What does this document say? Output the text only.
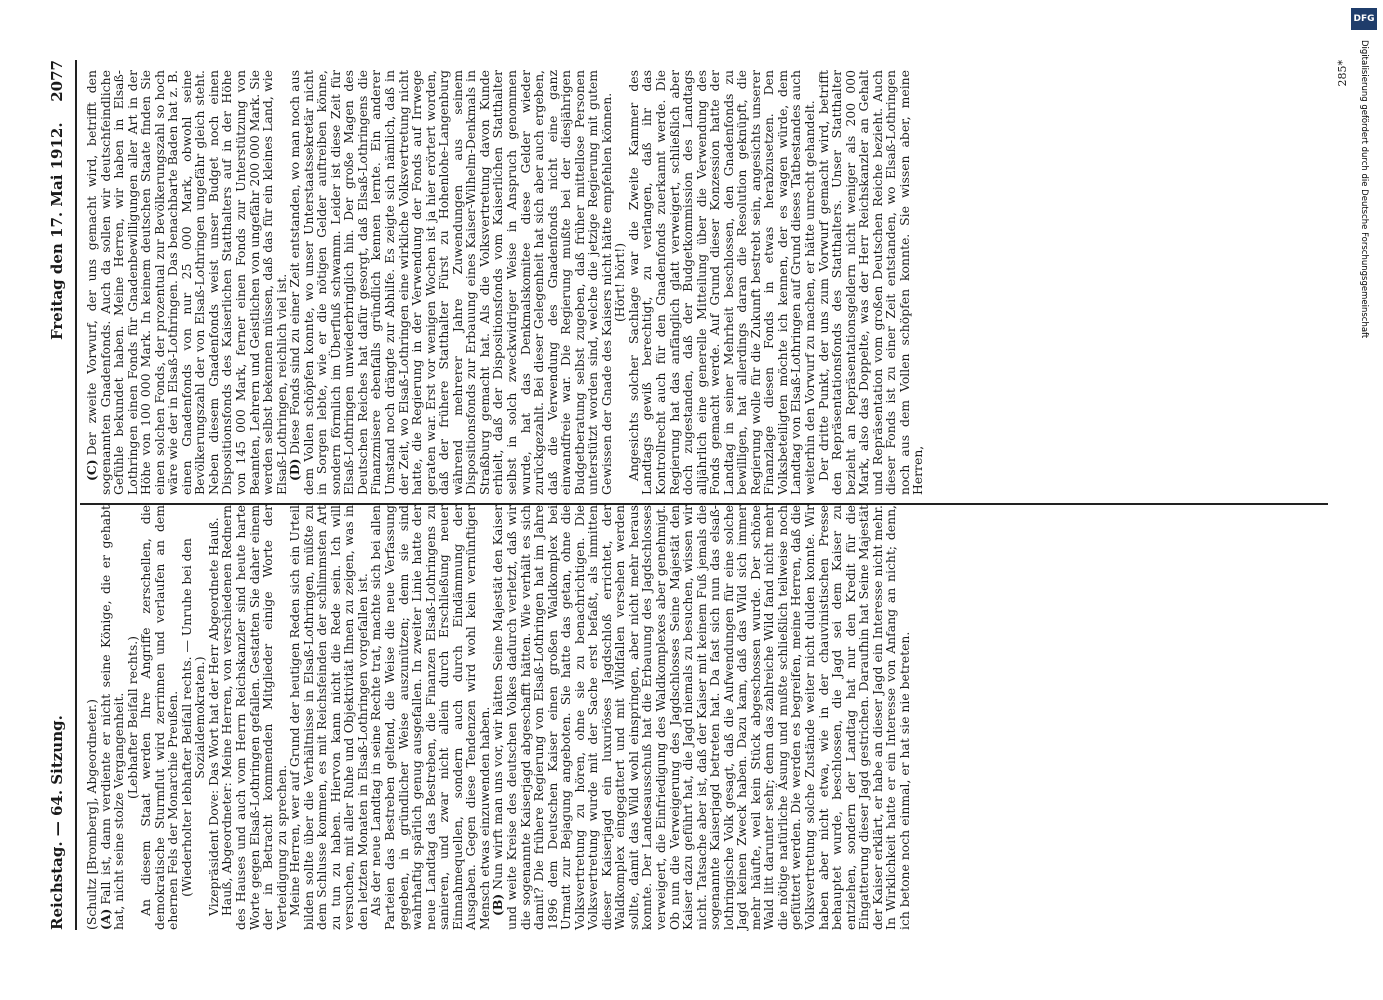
Reichstag. — 64. Sitzung.
Freitag den 17. Mai 1912.
2077

(Schultz [Bromberg], Abgeordneter.)

(A)Fall ist, dann verdiente er nicht seine Könige, die er gehabt hat, nicht seine stolze Vergangenheit.

(Lebhafter Beifall rechts.)

An diesem Staat werden Ihre Angriffe zerschellen, die demokratische Sturmflut wird zerrinnen und verlaufen an dem ehernen Fels der Monarchie Preußen.

(Wiederholter lebhafter Beifall rechts. — Unruhe bei den Sozialdemokraten.)

Vizepräsident Dove: Das Wort hat der Herr Abgeordnete Hauß.

Hauß, Abgeordneter: Meine Herren, von verschiedenen Rednern des Hauses und auch vom Herrn Reichskanzler sind heute harte Worte gegen Elsaß-Lothringen gefallen. Gestatten Sie daher einem der in Betracht kommenden Mitglieder einige Worte der Verteidigung zu sprechen.

Meine Herren, wer auf Grund der heutigen Reden sich ein Urteil bilden sollte über die Verhältnisse in Elsaß-Lothringen, müßte zu dem Schlusse kommen, es mit Reichsfeinden der schlimmsten Art zu tun zu haben. Hiervon kann nicht die Rede sein. Ich will versuchen, mit aller Ruhe und Objektivität Ihnen zu zeigen, was in den letzten Monaten in Elsaß-Lothringen vorgefallen ist.

Als der neue Landtag in seine Rechte trat, machte sich bei allen Parteien das Bestreben geltend, die Weise die neue Verfassung gegeben, in gründlicher Weise auszunützen; denn sie sind wahrhaftig spärlich genug ausgefallen. In zweiter Linie hatte der neue Landtag das Bestreben, die Finanzen Elsaß-Lothringens zu sanieren, und zwar nicht allein durch Erschließung neuer Einnahmequellen, sondern auch durch Eindämmung der Ausgaben. Gegen diese Tendenzen wird wohl kein vernünftiger Mensch etwas einzuwenden haben.

(B)Nun wirft man uns vor, wir hätten Seine Majestät den Kaiser und weite Kreise des deutschen Volkes dadurch verletzt, daß wir die sogenannte Kaiserjagd abgeschafft hätten. Wie verhält es sich damit? Die frühere Regierung von Elsaß-Lothringen hat im Jahre 1896 dem Deutschen Kaiser einen großen Waldkomplex bei Urmatt zur Bejagung angeboten. Sie hatte das getan, ohne die Volksvertretung zu hören, ohne sie zu benachrichtigen. Die Volksvertretung wurde mit der Sache erst befaßt, als inmitten dieser Kaiserjagd ein luxuriöses Jagdschloß errichtet, der Waldkomplex eingegattert und mit Wildfallen versehen werden sollte, damit das Wild wohl einspringen, aber nicht mehr heraus konnte. Der Landesausschuß hat die Erbauung des Jagdschlosses verweigert, die Einfriedigung des Waldkomplexes aber genehmigt. Ob nun die Verweigerung des Jagdschlosses Seine Majestät den Kaiser dazu geführt hat, die Jagd niemals zu besuchen, wissen wir nicht. Tatsache aber ist, daß der Kaiser mit keinem Fuß jemals die sogenannte Kaiserjagd betreten hat. Da fast sich nun das elsaß-lothringische Volk gesagt, daß die Aufwendungen für eine solche Jagd keinen Zweck haben. Dazu kam, daß das Wild sich immer mehr häufte, weil kein Stück abgeschossen wurde. Der schöne Wald litt darunter sehr; denn das zahlreiche Wild fand nicht mehr die nötige natürliche Äsung und mußte schließlich teilweise noch gefüttert werden. Die werden es begreifen, meine Herren, daß die Volksvertretung solche Zustände weiter nicht dulden konnte. Wir haben aber nicht etwa, wie in der chauvinistischen Presse behauptet wurde, beschlossen, die Jagd sei dem Kaiser zu entziehen, sondern der Landtag hat nur den Kredit für die Eingatterung dieser Jagd gestrichen. Daraufhin hat Seine Majestät der Kaiser erklärt, er habe an dieser Jagd ein Interesse nicht mehr. In Wirklichkeit hatte er ein Interesse von Anfang an nicht; denn, ich betone noch einmal, er hat sie nie betreten.

(C)Der zweite Vorwurf, der uns gemacht wird, betrifft den sogenannten Gnadenfonds. Auch da sollen wir deutschfeindliche Gefühle bekundet haben. Meine Herren, wir haben in Elsaß-Lothringen einen Fonds für Gnadenbewilligungen aller Art in der Höhe von 100 000 Mark. In keinem deutschen Staate finden Sie einen solchen Fonds, der prozentual zur Bevölkerungszahl so hoch wäre wie der in Elsaß-Lothringen. Das benachbarte Baden hat z. B. einen Gnadenfonds von nur 25 000 Mark, obwohl seine Bevölkerungszahl der von Elsaß-Lothringen ungefähr gleich steht. Neben diesem Gnadenfonds weist unser Budget noch einen Dispositionsfonds des Kaiserlichen Statthalters auf in der Höhe von 145 000 Mark, ferner einen Fonds zur Unterstützung von Beamten, Lehrern und Geistlichen von ungefähr 200 000 Mark. Sie werden selbst bekennen müssen, daß das für ein kleines Land, wie Elsaß-Lothringen, reichlich viel ist.

(D)Diese Fonds sind zu einer Zeit entstanden, wo man noch aus dem Vollen schöpfen konnte, wo unser Unterstaatssekretär nicht in Sorgen lebte, wie er die nötigen Gelder auftreiben könne, sondern förmlich im Überfluß schwamm. Leider ist diese Zeit für Elsaß-Lothringen unwiederbringlich hin. Der große Magen des Deutschen Reiches hat dafür gesorgt, daß Elsaß-Lothringens die Finanzmisere ebenfalls gründlich kennen lernte. Ein anderer Umstand noch drängte zur Abhilfe. Es zeigte sich nämlich, daß in der Zeit, wo Elsaß-Lothringen eine wirkliche Volksvertretung nicht hatte, die Regierung in der Verwendung der Fonds auf Irrwege geraten war. Erst vor wenigen Wochen ist ja hier erörtert worden, daß der frühere Statthalter Fürst zu Hohenlohe-Langenburg während mehrerer Jahre Zuwendungen aus seinem Dispositionsfonds zur Erbauung eines Kaiser-Wilhelm-Denkmals in Straßburg gemacht hat. Als die Volksvertretung davon Kunde erhielt, daß der Dispositionsfonds vom Kaiserlichen Statthalter selbst in solch zweckwidriger Weise in Anspruch genommen wurde, hat das Denkmalskomitee diese Gelder wieder zurückgezahlt. Bei dieser Gelegenheit hat sich aber auch ergeben, daß die Verwendung des Gnadenfonds nicht eine ganz einwandfreie war. Die Regierung mußte bei der diesjährigen Budgetberatung selbst zugeben, daß früher mittellose Personen unterstützt worden sind, welche die jetzige Regierung mit gutem Gewissen der Gnade des Kaisers nicht hätte empfehlen können.

(Hört! hört!)

Angesichts solcher Sachlage war die Zweite Kammer des Landtags gewiß berechtigt, zu verlangen, daß ihr das Kontrollrecht auch für den Gnadenfonds zuerkannt werde. Die Regierung hat das anfänglich glatt verweigert, schließlich aber doch zugestanden, daß der Budgetkommission des Landtags alljährlich eine generelle Mitteilung über die Verwendung des Fonds gemacht werde. Auf Grund dieser Konzession hatte der Landtag in seiner Mehrheit beschlossen, den Gnadenfonds zu bewilligen, hat allerdings daran die Resolution geknüpft, die Regierung wolle für die Zukunft bestrebt sein, angesichts unserer Finanzlage diesen Fonds in etwas herabzusetzen. Den Volksbeteiligten möchte ich kennen, der es wagen würde, dem Landtag von Elsaß-Lothringen auf Grund dieses Tatbestandes auch weiterhin den Vorwurf zu machen, er hätte unrecht gehandelt.

Der dritte Punkt, der uns zum Vorwurf gemacht wird, betrifft den Repräsentationsfonds des Statthalters. Unser Statthalter bezieht an Repräsentationsgeldern nicht weniger als 200 000 Mark, also das Doppelte, was der Herr Reichskanzler an Gehalt und Repräsentation vom großen Deutschen Reiche bezieht. Auch dieser Fonds ist zu einer Zeit entstanden, wo Elsaß-Lothringen noch aus dem Vollen schöpfen konnte. Sie wissen aber, meine Herren,

285*
DFG
Digitalisierung gefördert durch die Deutsche Forschungsgemeinschaft
